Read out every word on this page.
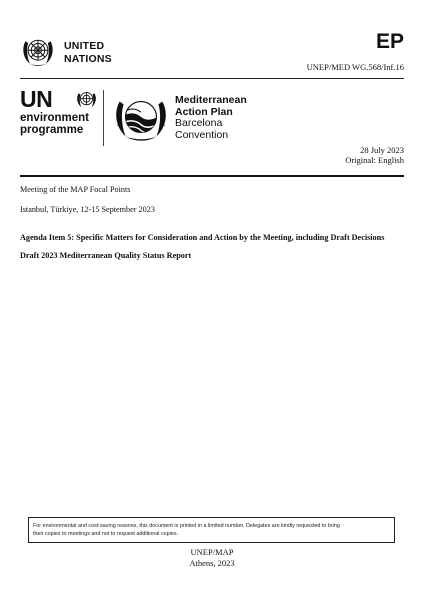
UNITED
NATIONS
EP
UNEP/MED WG.568/Inf.16
UN
environment
programme
Mediterranean
Action Plan
Barcelona
Convention
28 July 2023
Original: English
Meeting of the MAP Focal Points
Istanbul, Türkiye, 12-15 September 2023
Agenda Item 5: Specific Matters for Consideration and Action by the Meeting, including Draft Decisions
Draft 2023 Mediterranean Quality Status Report
For environmental and cost-saving reasons, this document is printed in a limited number. Delegates are kindly requested to bring
their copies to meetings and not to request additional copies.
UNEP/MAP
Athens, 2023
